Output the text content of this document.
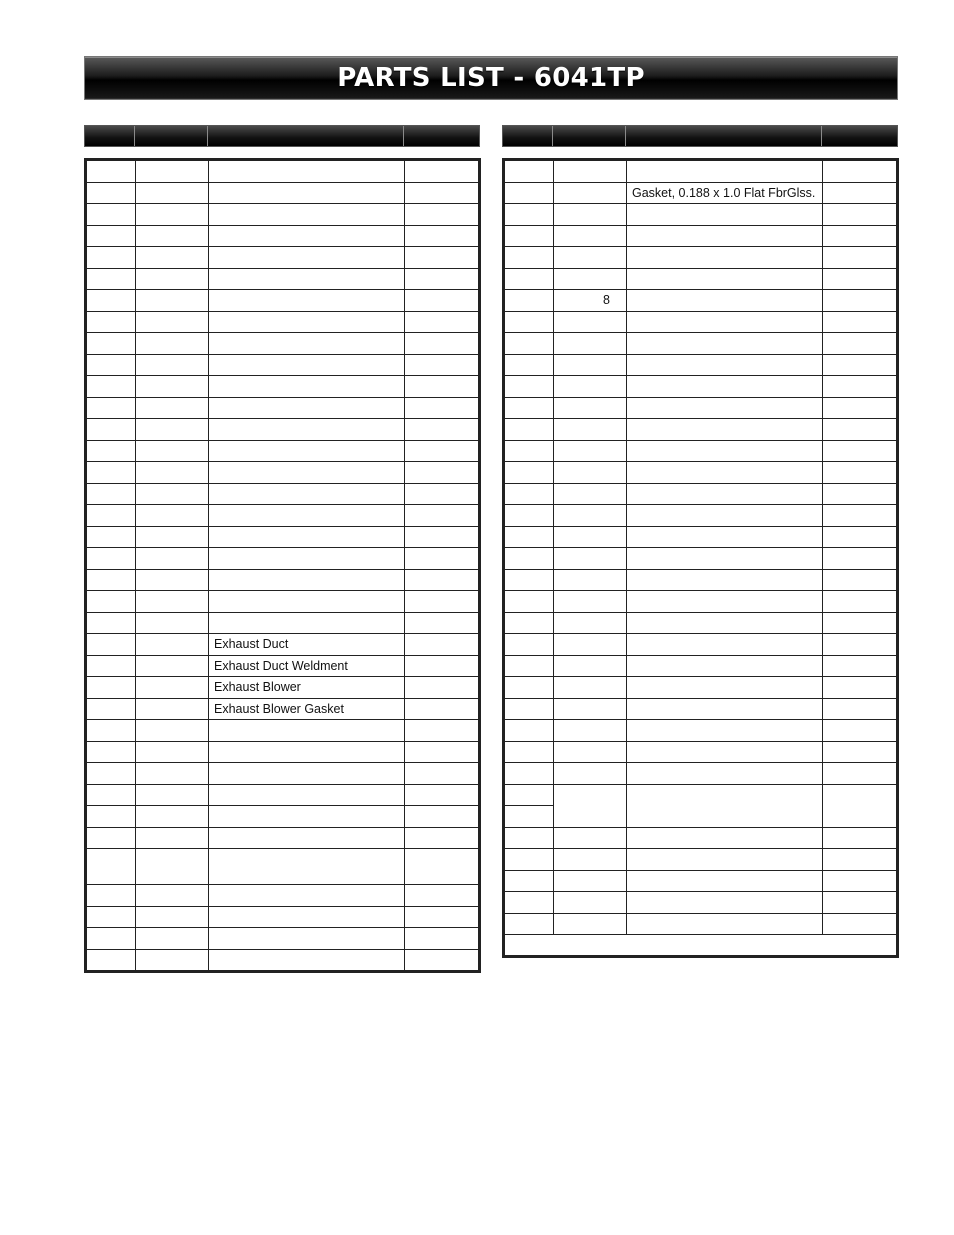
PARTS LIST - 6041TP

		Exhaust Duct	
		Exhaust Duct Weldment	
		Exhaust Blower	
		Exhaust Blower Gasket	

		Gasket, 0.188 x 1.0 Flat FbrGlss.	

	8		
